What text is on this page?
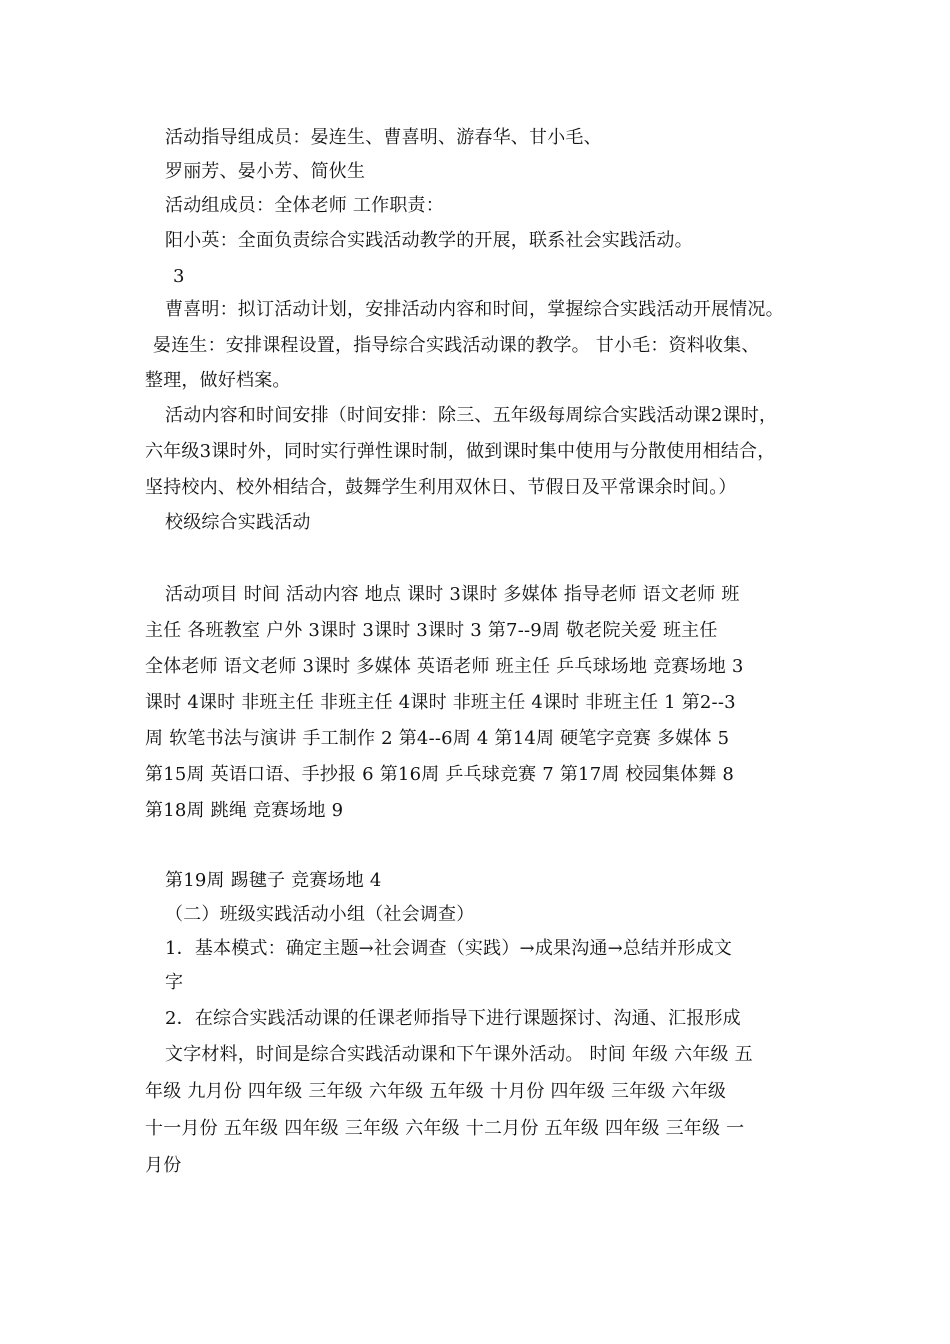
活动指导组成员：晏连生、曹喜明、游春华、甘小毛、
罗丽芳、晏小芳、简伙生
活动组成员：全体老师 工作职责：
阳小英：全面负责综合实践活动教学的开展，联系社会实践活动。
3
曹喜明：拟订活动计划，安排活动内容和时间，掌握综合实践活动开展情况。
晏连生：安排课程设置，指导综合实践活动课的教学。 甘小毛：资料收集、
整理，做好档案。
活动内容和时间安排（时间安排：除三、五年级每周综合实践活动课2课时，
六年级3课时外，同时实行弹性课时制，做到课时集中使用与分散使用相结合，
坚持校内、校外相结合，鼓舞学生利用双休日、节假日及平常课余时间。）
校级综合实践活动
活动项目 时间 活动内容 地点 课时 3课时 多媒体 指导老师 语文老师 班
主任 各班教室 户外 3课时 3课时 3课时 3 第7--9周 敬老院关爱 班主任
全体老师 语文老师 3课时 多媒体 英语老师 班主任 乒乓球场地 竞赛场地 3
课时 4课时 非班主任 非班主任 4课时 非班主任 4课时 非班主任 1 第2--3
周 软笔书法与演讲 手工制作 2 第4--6周 4 第14周 硬笔字竞赛 多媒体 5
第15周 英语口语、手抄报 6 第16周 乒乓球竞赛 7 第17周 校园集体舞 8
第18周 跳绳 竞赛场地 9
第19周 踢毽子 竞赛场地 4
（二）班级实践活动小组（社会调查）
1．基本模式：确定主题→社会调查（实践）→成果沟通→总结并形成文
字
2．在综合实践活动课的任课老师指导下进行课题探讨、沟通、汇报形成
文字材料，时间是综合实践活动课和下午课外活动。 时间 年级 六年级 五
年级 九月份 四年级 三年级 六年级 五年级 十月份 四年级 三年级 六年级
十一月份 五年级 四年级 三年级 六年级 十二月份 五年级 四年级 三年级 一
月份
